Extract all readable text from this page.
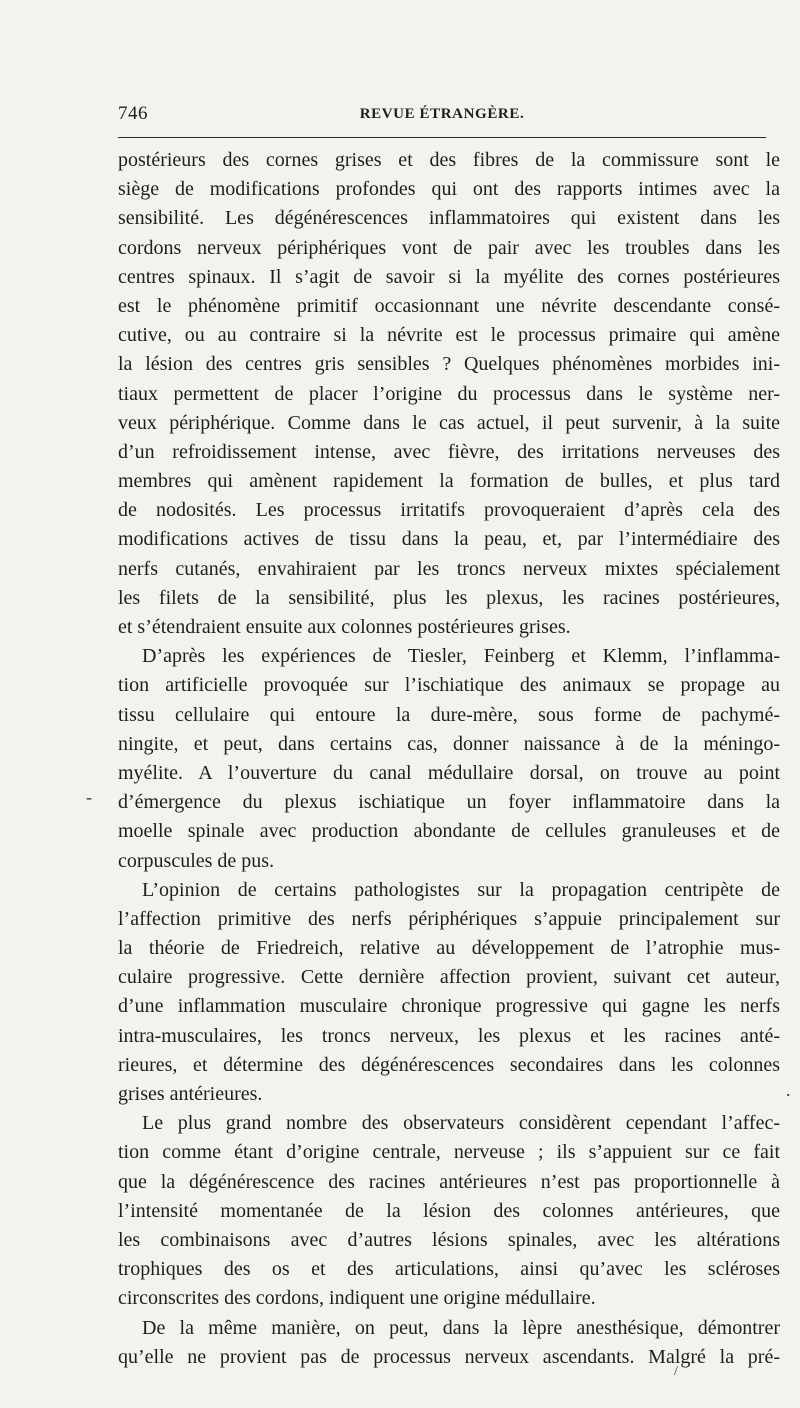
746	REVUE ÉTRANGÈRE.
postérieurs des cornes grises et des fibres de la commissure sont le
siège de modifications profondes qui ont des rapports intimes avec la
sensibilité. Les dégénérescences inflammatoires qui existent dans les
cordons nerveux périphériques vont de pair avec les troubles dans les
centres spinaux. Il s’agit de savoir si la myélite des cornes postérieures
est le phénomène primitif occasionnant une névrite descendante consé-
cutive, ou au contraire si la névrite est le processus primaire qui amène
la lésion des centres gris sensibles ? Quelques phénomènes morbides ini-
tiaux permettent de placer l’origine du processus dans le système ner-
veux périphérique. Comme dans le cas actuel, il peut survenir, à la suite
d’un refroidissement intense, avec fièvre, des irritations nerveuses des
membres qui amènent rapidement la formation de bulles, et plus tard
de nodosités. Les processus irritatifs provoqueraient d’après cela des
modifications actives de tissu dans la peau, et, par l’intermédiaire des
nerfs cutanés, envahiraient par les troncs nerveux mixtes spécialement
les filets de la sensibilité, plus les plexus, les racines postérieures,
et s’étendraient ensuite aux colonnes postérieures grises.
D’après les expériences de Tiesler, Feinberg et Klemm, l’inflamma-
tion artificielle provoquée sur l’ischiatique des animaux se propage au
tissu cellulaire qui entoure la dure-mère, sous forme de pachymé-
ningite, et peut, dans certains cas, donner naissance à de la méningo-
myélite. A l’ouverture du canal médullaire dorsal, on trouve au point
d’émergence du plexus ischiatique un foyer inflammatoire dans la
moelle spinale avec production abondante de cellules granuleuses et de
corpuscules de pus.
L’opinion de certains pathologistes sur la propagation centripète de
l’affection primitive des nerfs périphériques s’appuie principalement sur
la théorie de Friedreich, relative au développement de l’atrophie mus-
culaire progressive. Cette dernière affection provient, suivant cet auteur,
d’une inflammation musculaire chronique progressive qui gagne les nerfs
intra-musculaires, les troncs nerveux, les plexus et les racines anté-
rieures, et détermine des dégénérescences secondaires dans les colonnes
grises antérieures.
Le plus grand nombre des observateurs considèrent cependant l’affec-
tion comme étant d’origine centrale, nerveuse ; ils s’appuient sur ce fait
que la dégénérescence des racines antérieures n’est pas proportionnelle à
l’intensité momentanée de la lésion des colonnes antérieures, que
les combinaisons avec d’autres lésions spinales, avec les altérations
trophiques des os et des articulations, ainsi qu’avec les scléroses
circonscrites des cordons, indiquent une origine médullaire.
De la même manière, on peut, dans la lèpre anesthésique, démontrer
qu’elle ne provient pas de processus nerveux ascendants. Malgré la pré-
-
.
/
